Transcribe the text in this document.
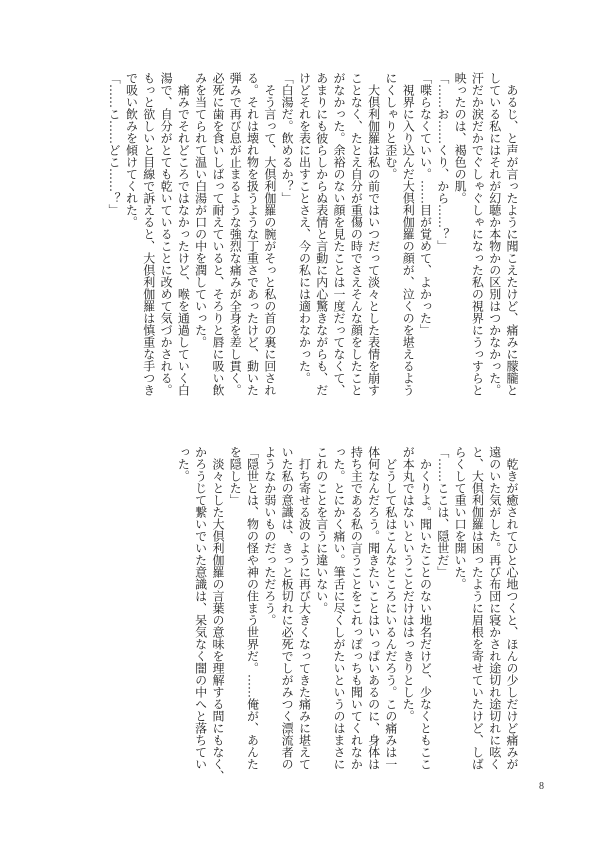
あるじ、と声が言ったように聞こえたけど、痛みに朦朧と

している私にはそれが幻聴か本物かの区別はつかなかった。

汗だか涙だかでぐしゃぐしゃになった私の視界にうっすらと

映ったのは、褐色の肌。

「……お……くり、から……？」

「喋らなくていい。……目が覚めて、よかった」

視界に入り込んだ大倶利伽羅の顔が、泣くのを堪えるよう

にくしゃりと歪む。

大倶利伽羅は私の前ではいつだって淡々とした表情を崩す

ことなく、たとえ自分が重傷の時でさえそんな顔をしたこと

がなかった。余裕のない顔を見たことは一度だってなくて、

あまりにも彼らしからぬ表情と言動に内心驚きながらも、だ

けどそれを表に出すことさえ、今の私には適わなかった。

「白湯だ。飲めるか？」

そう言って、大倶利伽羅の腕がそっと私の首の裏に回され

る。それは壊れ物を扱うような丁重さであったけど、動いた

弾みで再び息が止まるような強烈な痛みが全身を差し貫く。

必死に歯を食いしばって耐えていると、そろりと唇に吸い飲

みを当てられて温い白湯が口の中を潤していった。

痛みでそれどころではなかったけど、喉を通過していく白

湯で、自分がとても乾いていることに改めて気づかされる。

もっと欲しいと目線で訴えると、大倶利伽羅は慎重な手つき

で吸い飲みを傾けてくれた。

「……こ……どこ……？」

乾きが癒されてひと心地つくと、ほんの少しだけど痛みが

遠のいた気がした。再び布団に寝かされ途切れ途切れに呟く

と、大倶利伽羅は困ったように眉根を寄せていたけど、しば

らくして重い口を開いた。

「……ここは、隠世だ」

かくりよ。聞いたことのない地名だけど、少なくともここ

が本丸ではないということだけははっきりとした。

どうして私はこんなところにいるんだろう。この痛みは一

体何なんだろう。聞きたいことはいっぱいあるのに、身体は

持ち主である私の言うことをこれっぽっちも聞いてくれなか

った。とにかく痛い。筆舌に尽くしがたいというのはまさに

これのことを言うに違いない。

打ち寄せる波のように再び大きくなってきた痛みに堪えて

いた私の意識は、きっと板切れに必死でしがみつく漂流者の

ようなか弱いものだっただろう。

「隠世とは、物の怪や神の住まう世界だ。……俺が、あんた

を隠した」

淡々とした大倶利伽羅の言葉の意味を理解する間にもなく、

かろうじて繋いでいた意識は、呆気なく闇の中へと落ちてい

った。

8
